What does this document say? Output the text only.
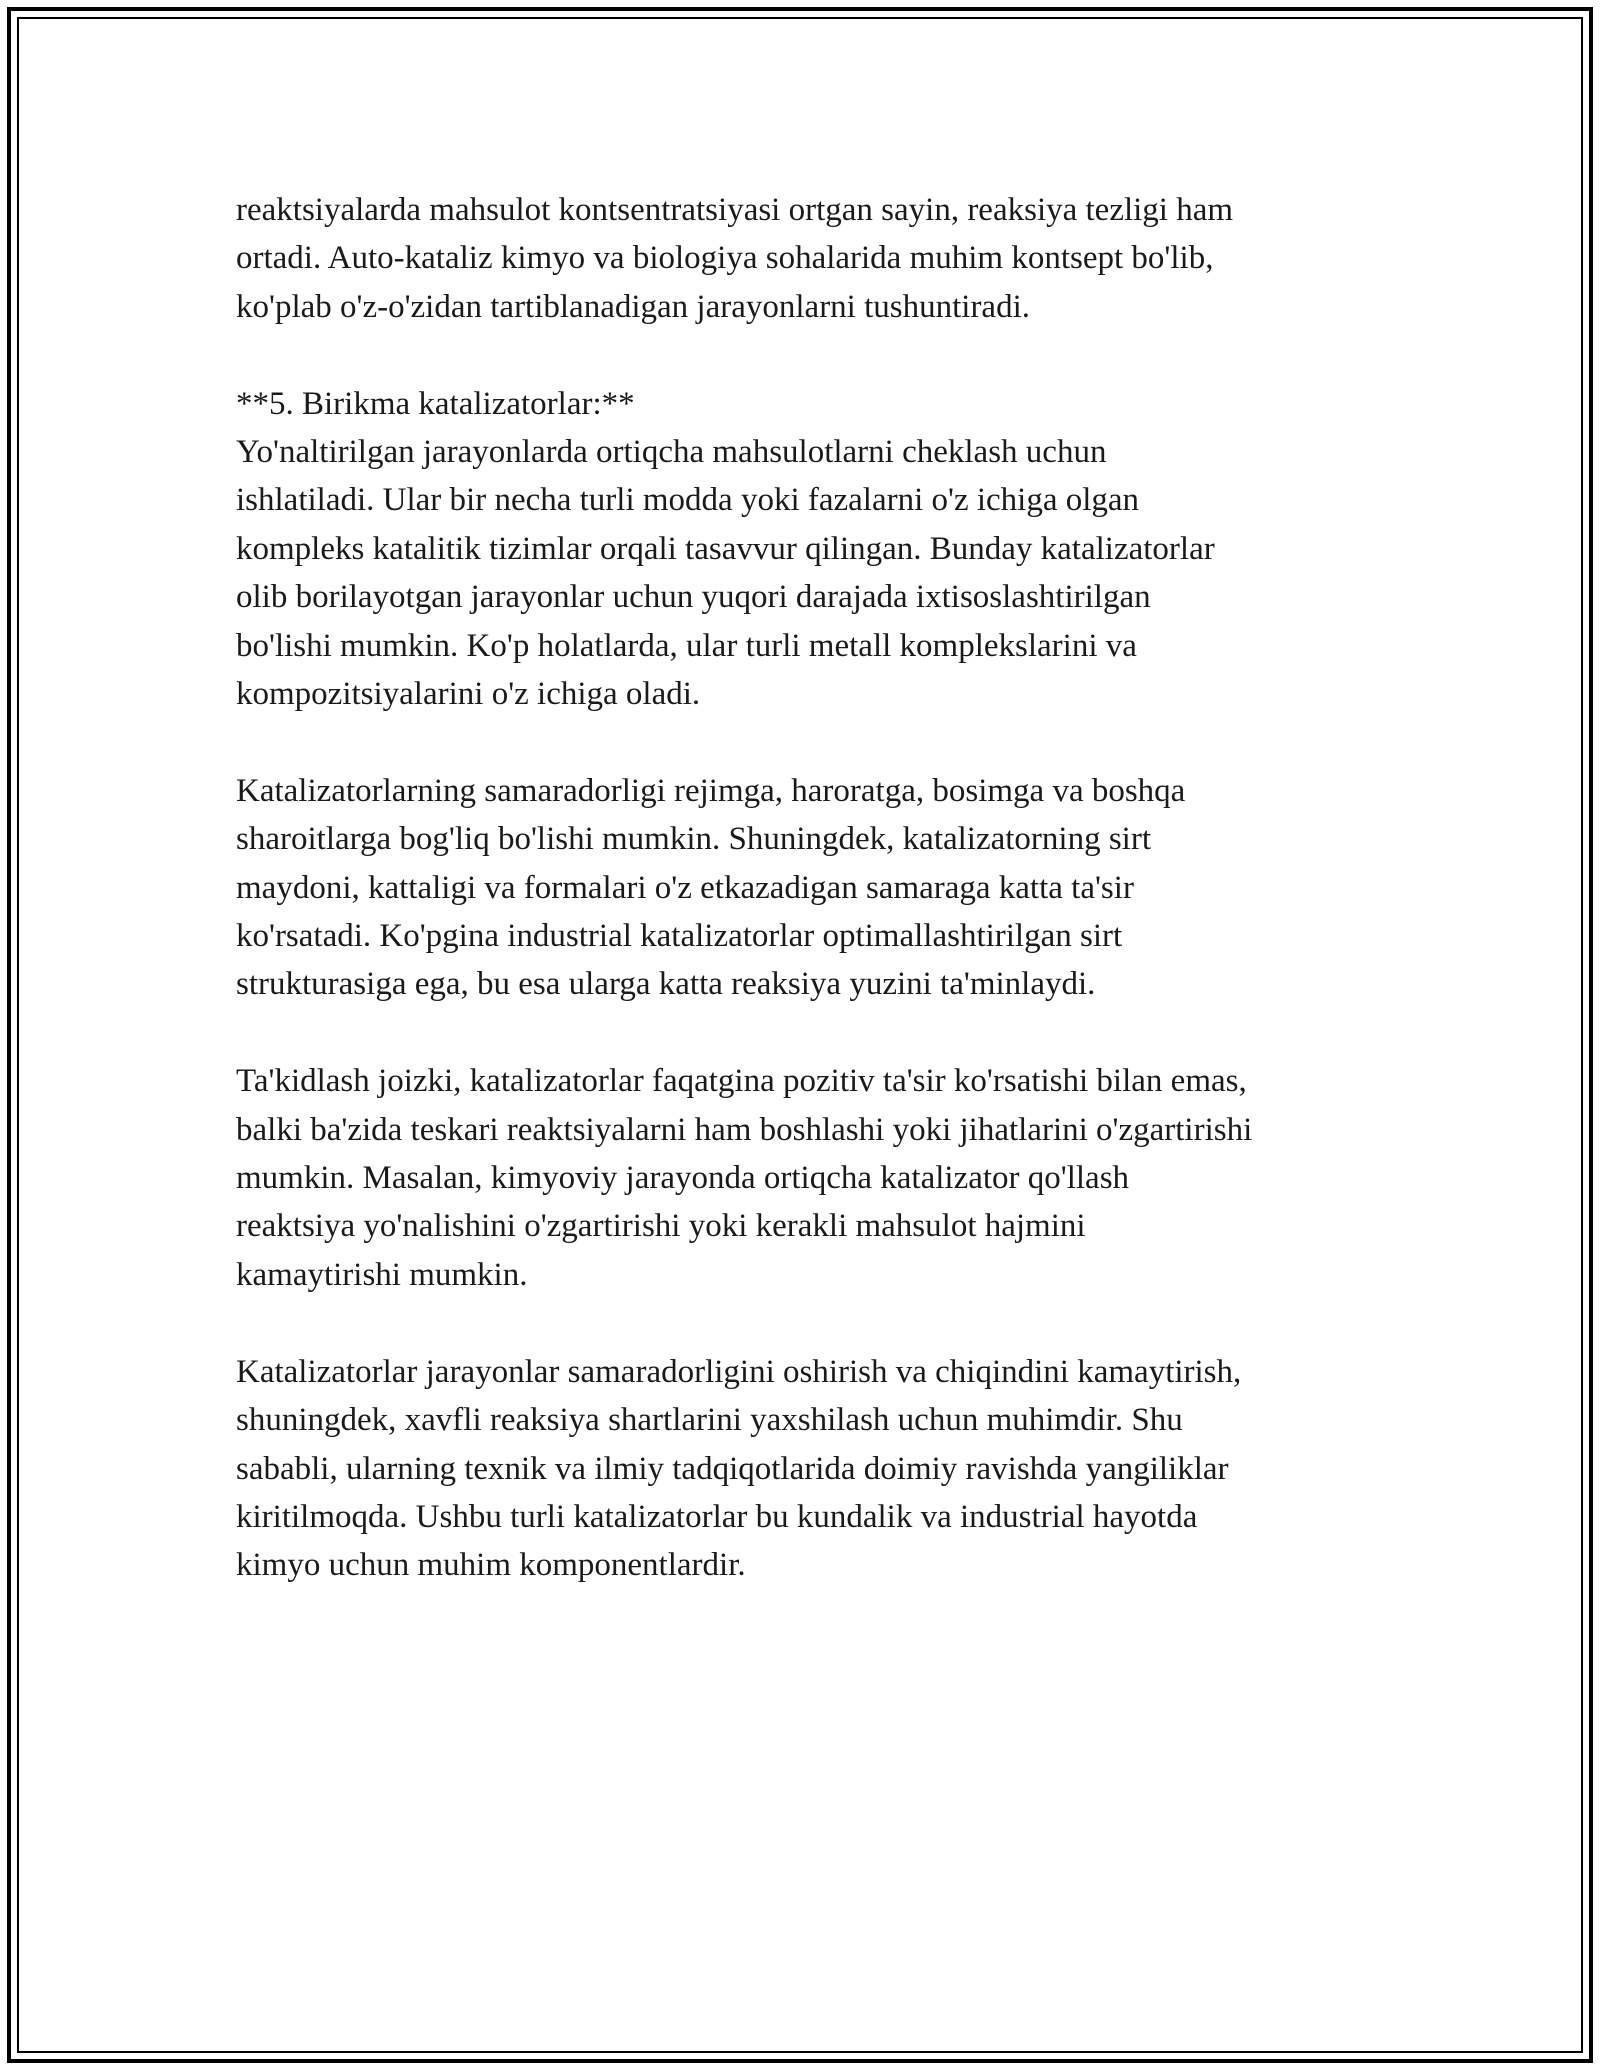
reaktsiyalarda mahsulot kontsentratsiyasi ortgan sayin, reaksiya tezligi ham
ortadi. Auto-kataliz kimyo va biologiya sohalarida muhim kontsept bo'lib,
ko'plab o'z-o'zidan tartiblanadigan jarayonlarni tushuntiradi.

**5. Birikma katalizatorlar:**
Yo'naltirilgan jarayonlarda ortiqcha mahsulotlarni cheklash uchun
ishlatiladi. Ular bir necha turli modda yoki fazalarni o'z ichiga olgan
kompleks katalitik tizimlar orqali tasavvur qilingan. Bunday katalizatorlar
olib borilayotgan jarayonlar uchun yuqori darajada ixtisoslashtirilgan
bo'lishi mumkin. Ko'p holatlarda, ular turli metall komplekslarini va
kompozitsiyalarini o'z ichiga oladi.

Katalizatorlarning samaradorligi rejimga, haroratga, bosimga va boshqa
sharoitlarga bog'liq bo'lishi mumkin. Shuningdek, katalizatorning sirt
maydoni, kattaligi va formalari o'z etkazadigan samaraga katta ta'sir
ko'rsatadi. Ko'pgina industrial katalizatorlar optimallashtirilgan sirt
strukturasiga ega, bu esa ularga katta reaksiya yuzini ta'minlaydi.

Ta'kidlash joizki, katalizatorlar faqatgina pozitiv ta'sir ko'rsatishi bilan emas,
balki ba'zida teskari reaktsiyalarni ham boshlashi yoki jihatlarini o'zgartirishi
mumkin. Masalan, kimyoviy jarayonda ortiqcha katalizator qo'llash
reaktsiya yo'nalishini o'zgartirishi yoki kerakli mahsulot hajmini
kamaytirishi mumkin.

Katalizatorlar jarayonlar samaradorligini oshirish va chiqindini kamaytirish,
shuningdek, xavfli reaksiya shartlarini yaxshilash uchun muhimdir. Shu
sababli, ularning texnik va ilmiy tadqiqotlarida doimiy ravishda yangiliklar
kiritilmoqda. Ushbu turli katalizatorlar bu kundalik va industrial hayotda
kimyo uchun muhim komponentlardir.
